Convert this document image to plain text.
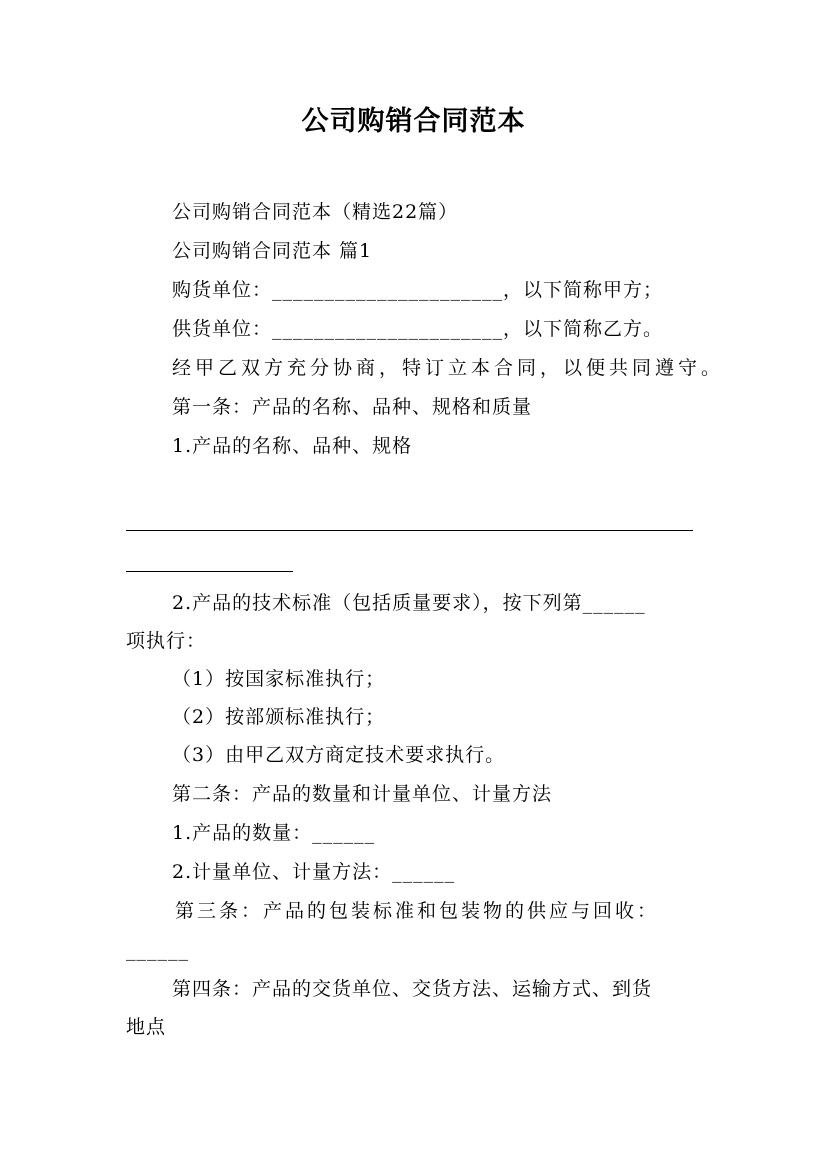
公司购销合同范本
公司购销合同范本（精选22篇）
公司购销合同范本 篇1
购货单位：______________________，以下简称甲方；
供货单位：______________________，以下简称乙方。
经甲乙双方充分协商，特订立本合同，以便共同遵守。
第一条：产品的名称、品种、规格和质量
1.产品的名称、品种、规格
2.产品的技术标准（包括质量要求），按下列第______
项执行：
（1）按国家标准执行；
（2）按部颁标准执行；
（3）由甲乙双方商定技术要求执行。
第二条：产品的数量和计量单位、计量方法
1.产品的数量：______
2.计量单位、计量方法：______
第三条：产品的包装标准和包装物的供应与回收：
______
第四条：产品的交货单位、交货方法、运输方式、到货
地点
